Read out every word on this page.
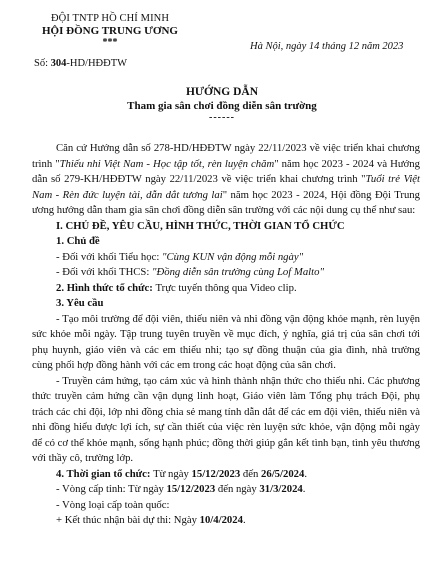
ĐỘI TNTP HỒ CHÍ MINH
HỘI ĐỒNG TRUNG ƯƠNG
***
Số: 304-HD/HĐĐTW
Hà Nội, ngày 14 tháng 12 năm 2023
HƯỚNG DẪN
Tham gia sân chơi đồng diễn sân trường
------

Căn cứ Hướng dẫn số 278-HD/HĐĐTW ngày 22/11/2023 về việc triển khai chương trình "Thiếu nhi Việt Nam - Học tập tốt, rèn luyện chăm" năm học 2023 - 2024 và Hướng dẫn số 279-KH/HĐĐTW ngày 22/11/2023 về việc triển khai chương trình "Tuổi trẻ Việt Nam - Rèn đức luyện tài, dẫn dắt tương lai" năm học 2023 - 2024, Hội đồng Đội Trung ương hướng dẫn tham gia sân chơi đồng diễn sân trường với các nội dung cụ thể như sau:

I. CHỦ ĐỀ, YÊU CẦU, HÌNH THỨC, THỜI GIAN TỔ CHỨC

1. Chủ đề

- Đối với khối Tiểu học: "Cùng KUN vận động mỗi ngày"

- Đối với khối THCS: "Đồng diễn sân trường cùng Lof Malto"

2. Hình thức tổ chức: Trực tuyến thông qua Video clip.

3. Yêu cầu

- Tạo môi trường để đội viên, thiếu niên và nhi đồng vận động khỏe mạnh, rèn luyện sức khỏe mỗi ngày. Tập trung tuyên truyền về mục đích, ý nghĩa, giá trị của sân chơi tới phụ huynh, giáo viên và các em thiếu nhi; tạo sự đồng thuận của gia đình, nhà trường cùng phối hợp đồng hành với các em trong các hoạt động của sân chơi.

- Truyền cảm hứng, tạo cảm xúc và hình thành nhận thức cho thiếu nhi. Các phương thức truyền cảm hứng cần vận dụng linh hoạt, Giáo viên làm Tổng phụ trách Đội, phụ trách các chi đội, lớp nhi đồng chia sẻ mang tính dẫn dắt để các em đội viên, thiếu niên và nhi đồng hiểu được lợi ích, sự cần thiết của việc rèn luyện sức khỏe, vận động mỗi ngày để có cơ thể khỏe mạnh, sống hạnh phúc; đồng thời giúp gắn kết tình bạn, tình yêu thương với thầy cô, trường lớp.

4. Thời gian tổ chức: Từ ngày 15/12/2023 đến 26/5/2024.

- Vòng cấp tỉnh: Từ ngày 15/12/2023 đến ngày 31/3/2024.

- Vòng loại cấp toàn quốc:

+ Kết thúc nhận bài dự thi: Ngày 10/4/2024.
